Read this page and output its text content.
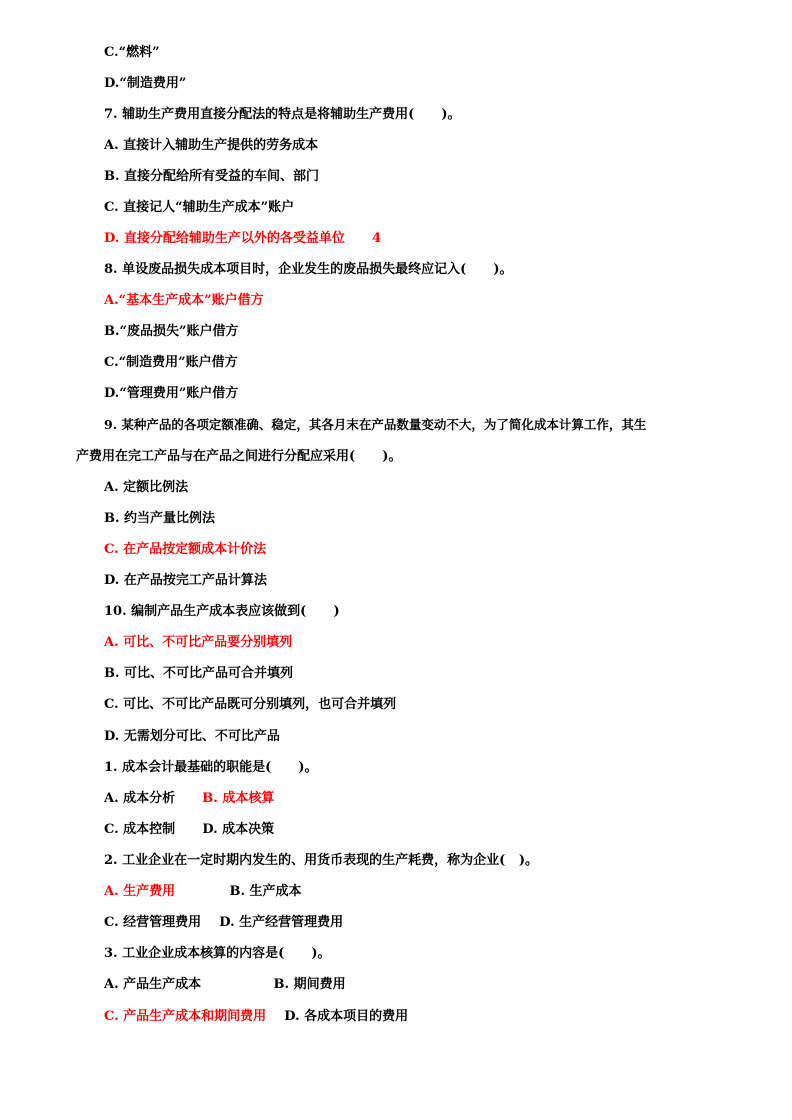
C.“燃料”
D.“制造费用”
7. 辅助生产费用直接分配法的特点是将辅助生产费用(      )。
A. 直接计入辅助生产提供的劳务成本
B. 直接分配给所有受益的车间、部门
C. 直接记人“辅助生产成本”账户
D. 直接分配给辅助生产以外的各受益单位      4
8. 单设废品损失成本项目时，企业发生的废品损失最终应记入(      )。
A.“基本生产成本”账户借方
B.“废品损失”账户借方
C.“制造费用”账户借方
D.“管理费用”账户借方
9. 某种产品的各项定额准确、稳定，其各月末在产品数量变动不大，为了简化成本计算工作，其生
产费用在完工产品与在产品之间进行分配应采用(      )。
A. 定额比例法
B. 约当产量比例法
C. 在产品按定额成本计价法
D. 在产品按完工产品计算法
10. 编制产品生产成本表应该做到(      )
A. 可比、不可比产品要分别填列
B. 可比、不可比产品可合并填列
C. 可比、不可比产品既可分别填列，也可合并填列
D. 无需划分可比、不可比产品
1. 成本会计最基础的职能是(      )。
A. 成本分析      B. 成本核算
C. 成本控制      D. 成本决策
2. 工业企业在一定时期内发生的、用货币表现的生产耗费，称为企业(   )。
A. 生产费用            B. 生产成本
C. 经营管理费用    D. 生产经营管理费用
3. 工业企业成本核算的内容是(      )。
A. 产品生产成本                B. 期间费用
C. 产品生产成本和期间费用    D. 各成本项目的费用
